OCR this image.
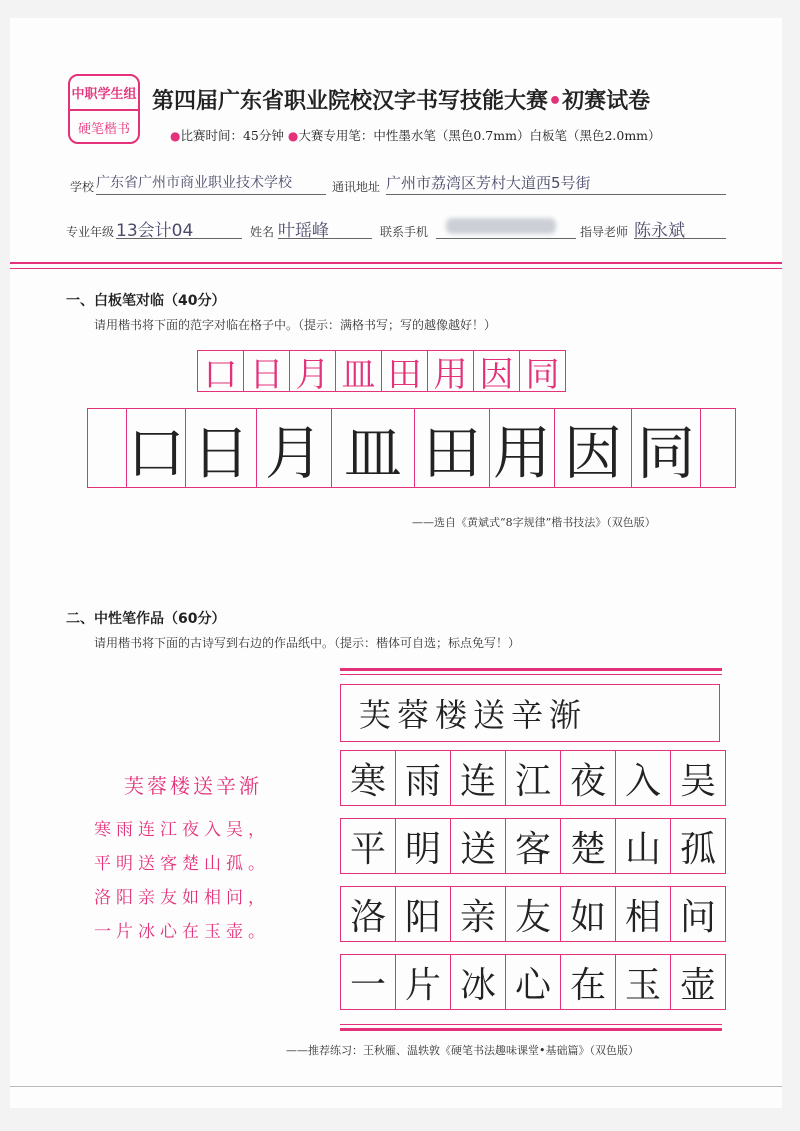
中职学生组
硬笔楷书
第四届广东省职业院校汉字书写技能大赛•初赛试卷
●比赛时间：45分钟 ●大赛专用笔：中性墨水笔（黑色0.7mm）白板笔（黑色2.0mm）
学校 广东省广州市商业职业技术学校	通讯地址 广州市荔湾区芳村大道西5号街
专业年级 13会计04	姓名 叶瑶峰	联系手机	指导老师 陈永斌
一、白板笔对临（40分）
请用楷书将下面的范字对临在格子中。（提示：满格书写；写的越像越好！）
口 日 月 皿 田 用 因 同
口 日 月 皿 田 用 因 同
——选自《黄斌式“8字规律”楷书技法》（双色版）
二、中性笔作品（60分）
请用楷书将下面的古诗写到右边的作品纸中。（提示：楷体可自选；标点免写！）
芙蓉楼送辛渐
寒雨连江夜入吴，
平明送客楚山孤。
洛阳亲友如相问，
一片冰心在玉壶。
芙蓉楼送辛渐
寒 雨 连 江 夜 入 吴
平 明 送 客 楚 山 孤
洛 阳 亲 友 如 相 问
一 片 冰 心 在 玉 壶
——推荐练习：王秋雁、温轶敦《硬笔书法趣味课堂•基础篇》（双色版）
